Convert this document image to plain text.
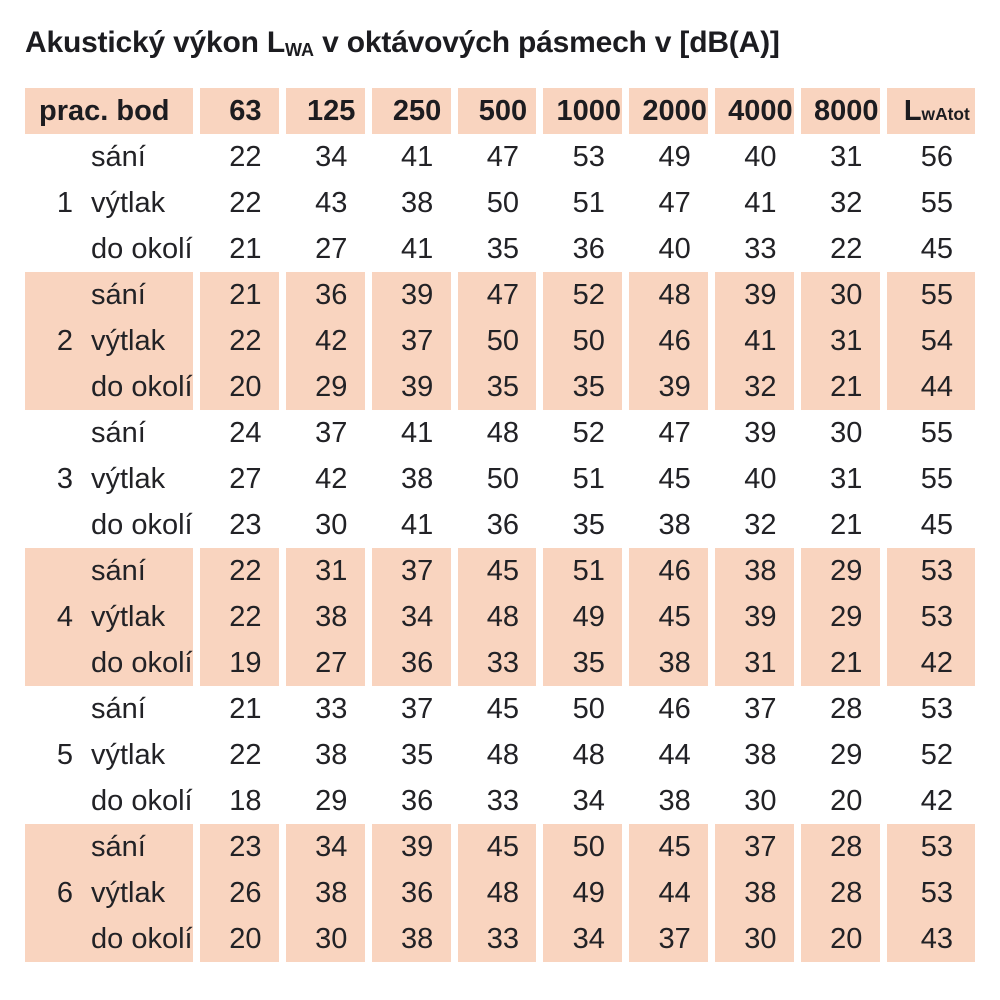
Akustický výkon LWA v oktávových pásmech v [dB(A)]
prac. bod	63	125	250	500	1000 2000 4000 8000 L wAtot
sání	22	34	41	47	53	49	40	31	56
1 výtlak	22	43	38	50	51	47	41	32	55
do okolí	21	27	41	35	36	40	33	22	45
sání	21	36	39	47	52	48	39	30	55
2 výtlak	22	42	37	50	50	46	41	31	54
do okolí	20	29	39	35	35	39	32	21	44
sání	24	37	41	48	52	47	39	30	55
3 výtlak	27	42	38	50	51	45	40	31	55
do okolí	23	30	41	36	35	38	32	21	45
sání	22	31	37	45	51	46	38	29	53
4 výtlak	22	38	34	48	49	45	39	29	53
do okolí	19	27	36	33	35	38	31	21	42
sání	21	33	37	45	50	46	37	28	53
5 výtlak	22	38	35	48	48	44	38	29	52
do okolí	18	29	36	33	34	38	30	20	42
sání	23	34	39	45	50	45	37	28	53
6 výtlak	26	38	36	48	49	44	38	28	53
do okolí	20	30	38	33	34	37	30	20	43
